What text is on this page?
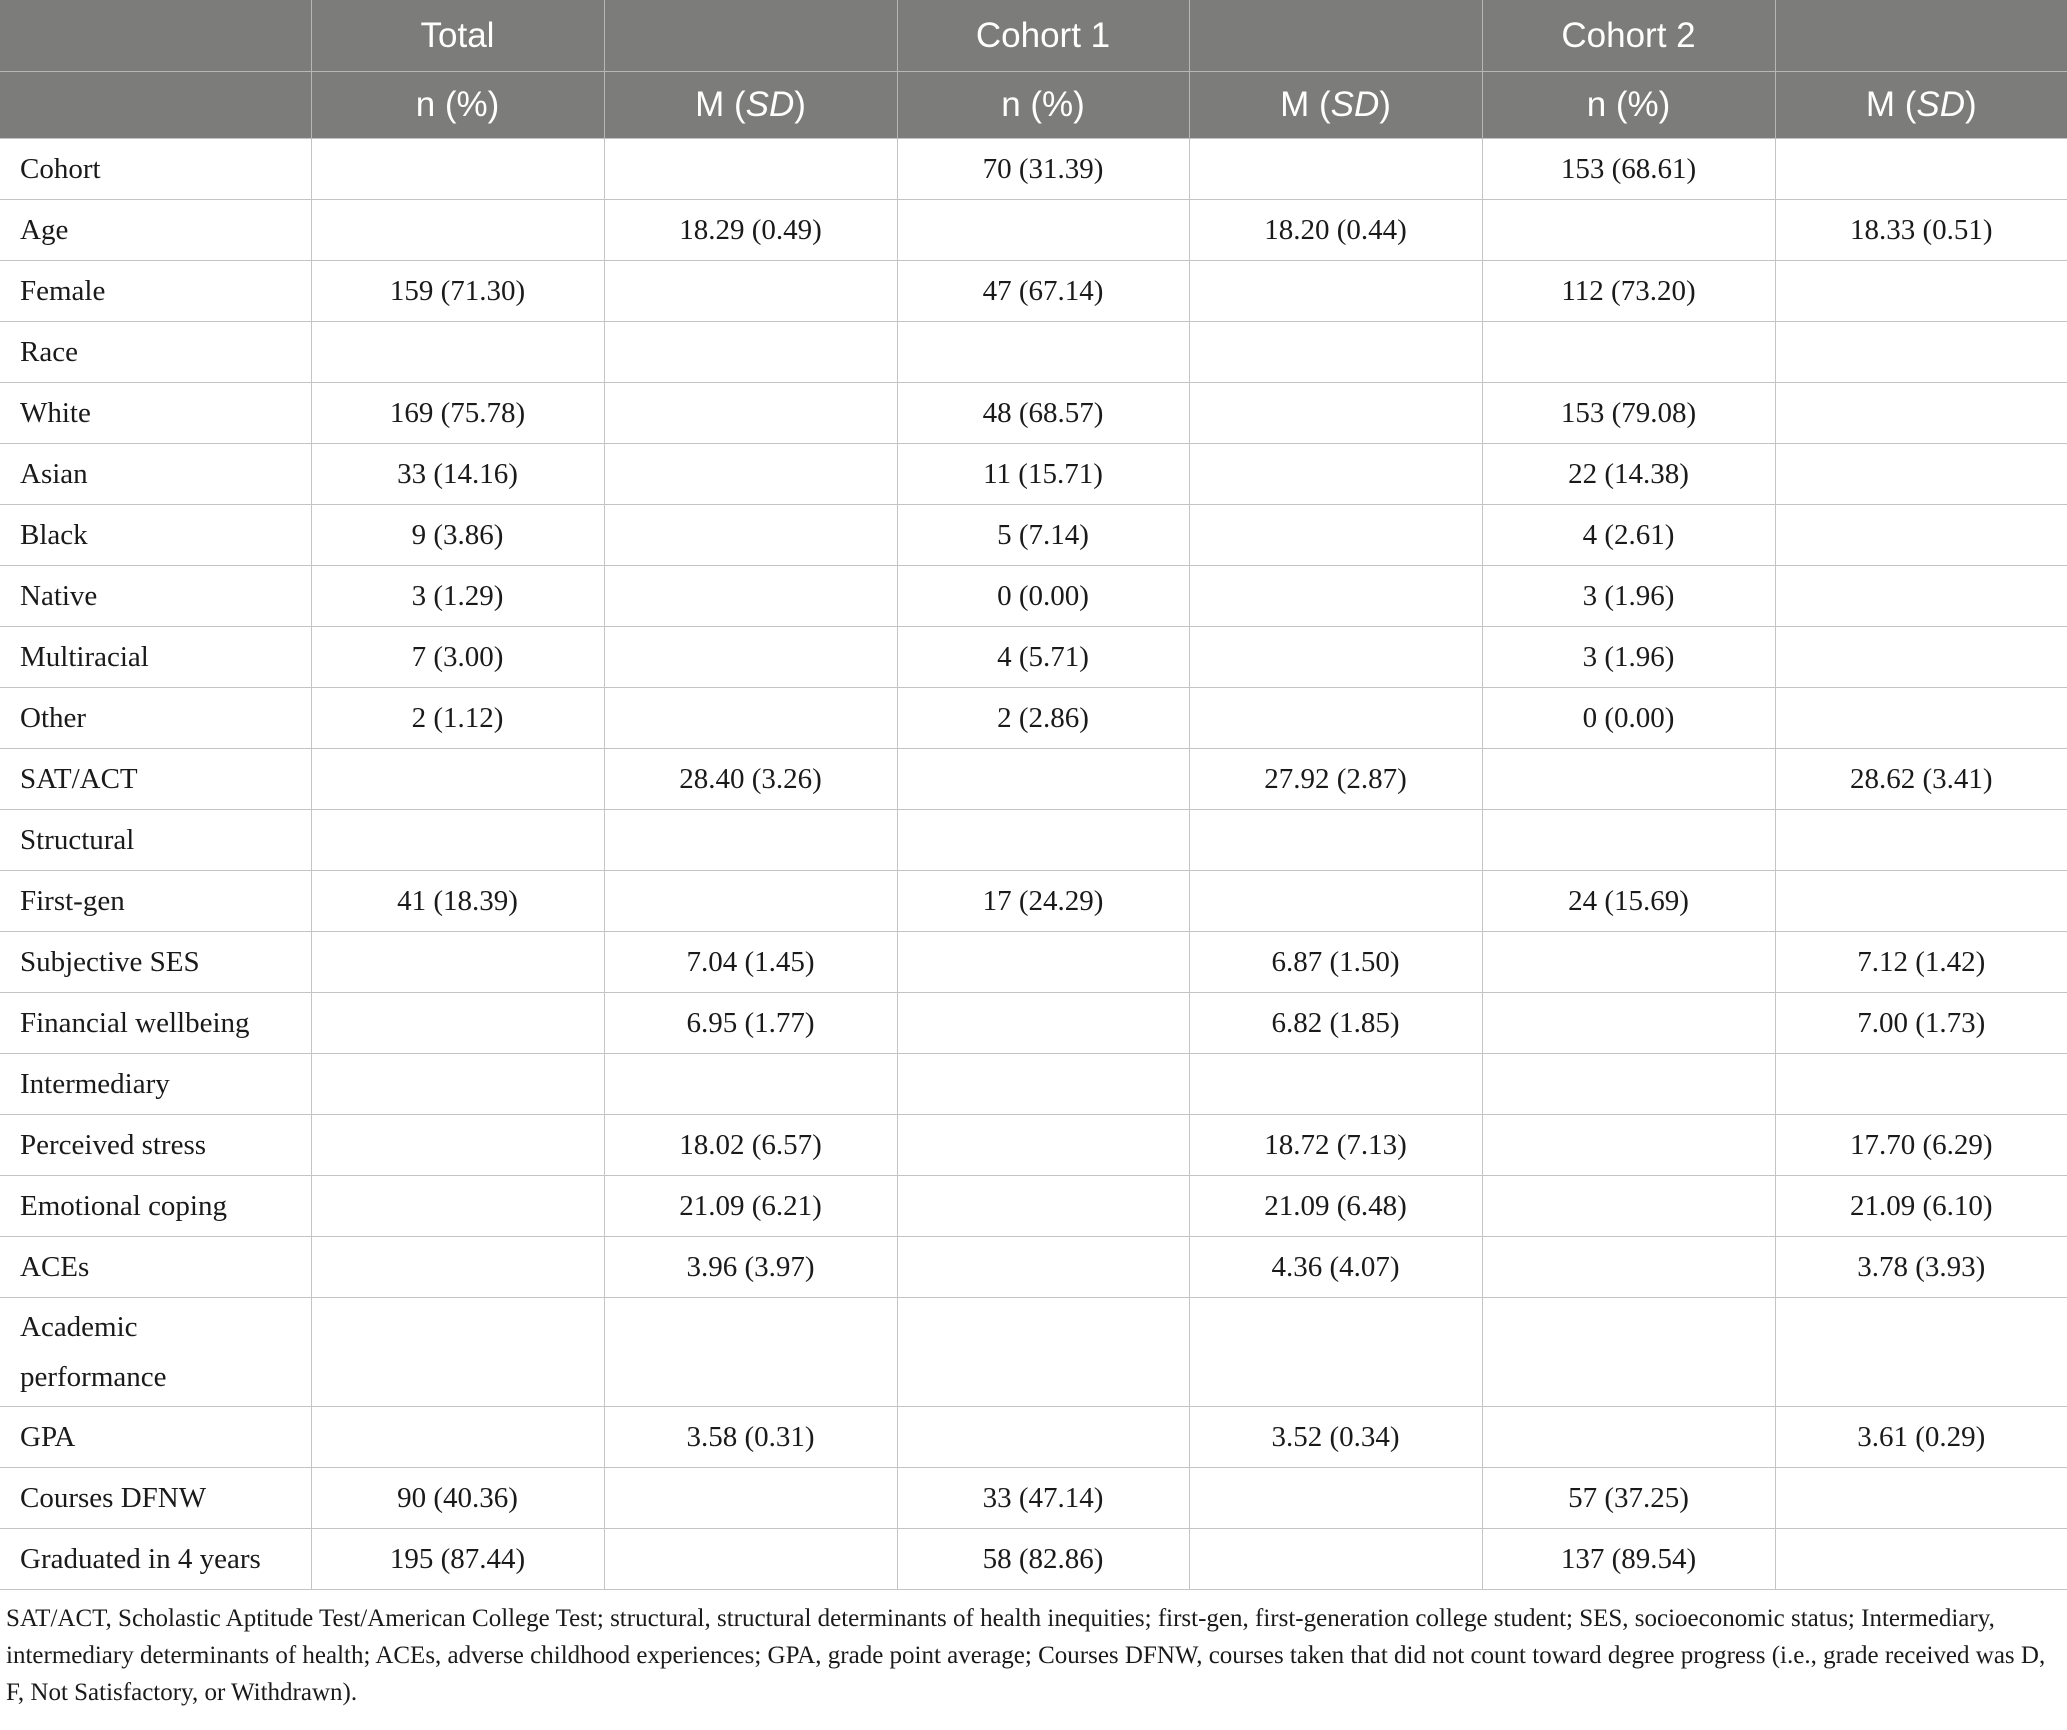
	Total		Cohort 1		Cohort 2	
	n (%)	M (SD)	n (%)	M (SD)	n (%)	M (SD)
Cohort			70 (31.39)		153 (68.61)	
Age		18.29 (0.49)		18.20 (0.44)		18.33 (0.51)
Female	159 (71.30)		47 (67.14)		112 (73.20)	
Race						
White	169 (75.78)		48 (68.57)		153 (79.08)	
Asian	33 (14.16)		11 (15.71)		22 (14.38)	
Black	9 (3.86)		5 (7.14)		4 (2.61)	
Native	3 (1.29)		0 (0.00)		3 (1.96)	
Multiracial	7 (3.00)		4 (5.71)		3 (1.96)	
Other	2 (1.12)		2 (2.86)		0 (0.00)	
SAT/ACT		28.40 (3.26)		27.92 (2.87)		28.62 (3.41)
Structural						
First-gen	41 (18.39)		17 (24.29)		24 (15.69)	
Subjective SES		7.04 (1.45)		6.87 (1.50)		7.12 (1.42)
Financial wellbeing		6.95 (1.77)		6.82 (1.85)		7.00 (1.73)
Intermediary						
Perceived stress		18.02 (6.57)		18.72 (7.13)		17.70 (6.29)
Emotional coping		21.09 (6.21)		21.09 (6.48)		21.09 (6.10)
ACEs		3.96 (3.97)		4.36 (4.07)		3.78 (3.93)
Academic performance						
GPA		3.58 (0.31)		3.52 (0.34)		3.61 (0.29)
Courses DFNW	90 (40.36)		33 (47.14)		57 (37.25)	
Graduated in 4 years	195 (87.44)		58 (82.86)		137 (89.54)	
SAT/ACT, Scholastic Aptitude Test/American College Test; structural, structural determinants of health inequities; first-gen, first-generation college student; SES, socioeconomic status; Intermediary, intermediary determinants of health; ACEs, adverse childhood experiences; GPA, grade point average; Courses DFNW, courses taken that did not count toward degree progress (i.e., grade received was D, F, Not Satisfactory, or Withdrawn).
